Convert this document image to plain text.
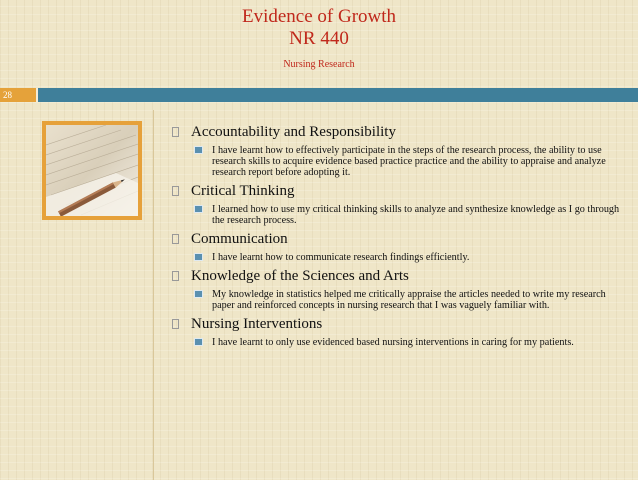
Evidence of Growth
NR 440
Nursing Research
28
Accountability and Responsibility
I have learnt how to effectively participate in the steps of the research process, the ability to use research skills to acquire evidence based practice practice and the ability to appraise and analyze research report before adopting it.
Critical Thinking
I learned how to use my critical thinking skills to analyze and synthesize knowledge as I go through the research process.
Communication
I have learnt how to communicate research findings efficiently.
Knowledge of the Sciences and Arts
My knowledge in statistics helped me critically appraise the articles needed to write my research paper and reinforced concepts in nursing research that I was vaguely familiar with.
Nursing Interventions
I have learnt to only use evidenced based nursing interventions in caring for my patients.
